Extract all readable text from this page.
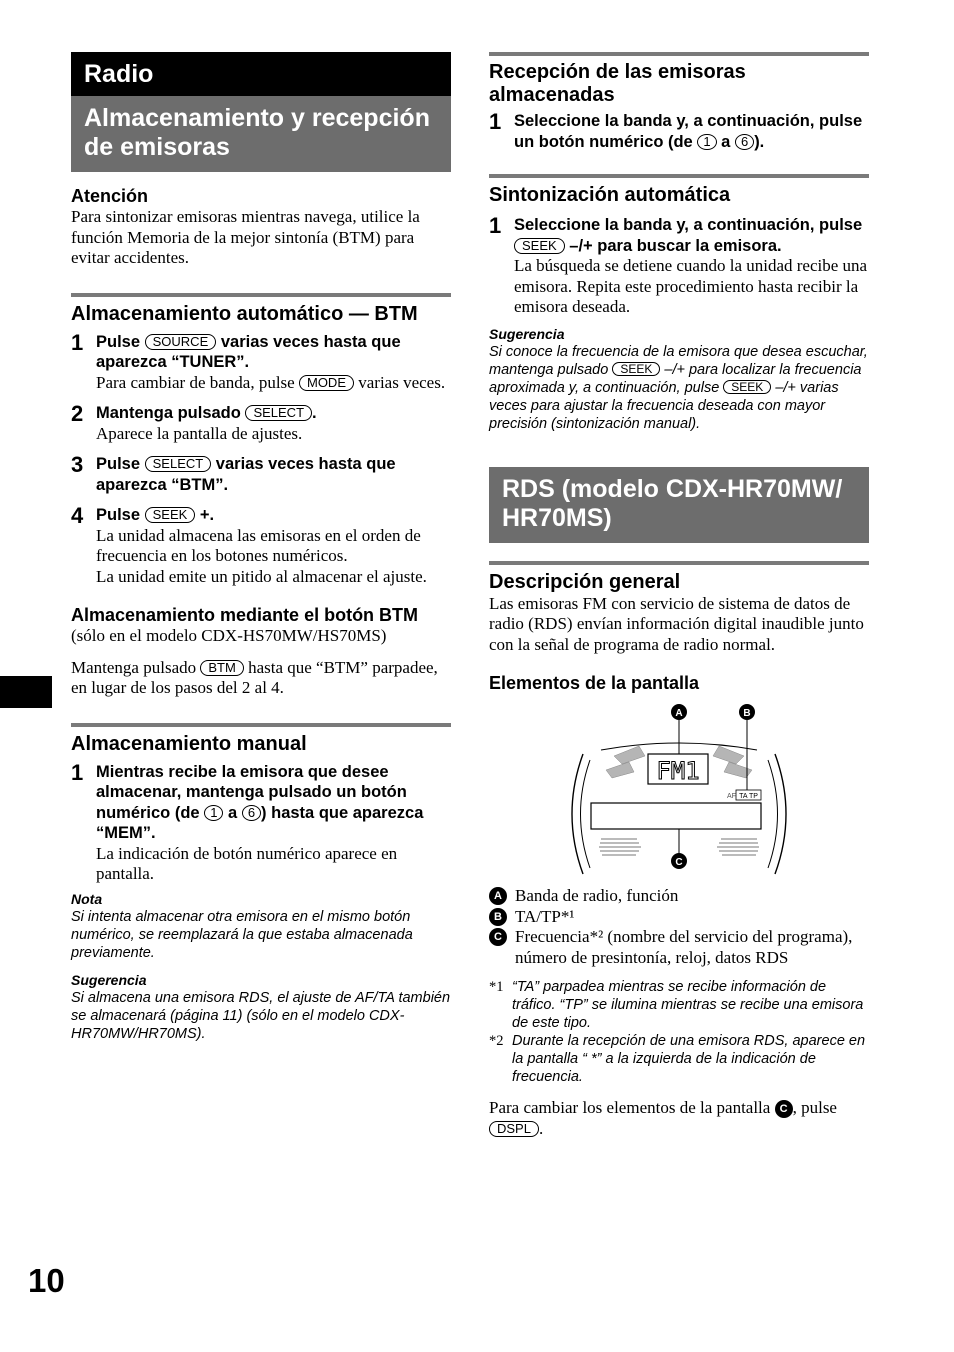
10
Radio
Almacenamiento y recepción de emisoras
Atención

Para sintonizar emisoras mientras navega, utilice la función Memoria de la mejor sintonía (BTM) para evitar accidentes.

Almacenamiento automático — BTM
1 Pulse SOURCE varias veces hasta que aparezca “TUNER”.

Para cambiar de banda, pulse MODE varias veces.

2 Mantenga pulsado SELECT .

Aparece la pantalla de ajustes.

3 Pulse SELECT varias veces hasta que aparezca “BTM”.
4 Pulse SEEK +.

La unidad almacena las emisoras en el orden de frecuencia en los botones numéricos.

La unidad emite un pitido al almacenar el ajuste.

Almacenamiento mediante el botón BTM

(sólo en el modelo CDX-HS70MW/HS70MS)

Mantenga pulsado BTM hasta que “BTM” parpadee, en lugar de los pasos del 2 al 4.

Almacenamiento manual
1 Mientras recibe la emisora que desee almacenar, mantenga pulsado un botón numérico (de 1 a 6 ) hasta que aparezca “MEM”.

La indicación de botón numérico aparece en pantalla.

Nota
Si intenta almacenar otra emisora en el mismo botón numérico, se reemplazará la que estaba almacenada previamente.
Sugerencia
Si almacena una emisora RDS, el ajuste de AF/TA también se almacenará (página 11) (sólo en el modelo CDX-HR70MW/HR70MS).
Recepción de las emisoras almacenadas
1 Seleccione la banda y, a continuación, pulse un botón numérico (de 1 a 6 ).
Sintonización automática
1 Seleccione la banda y, a continuación, pulse SEEK –/+ para buscar la emisora.

La búsqueda se detiene cuando la unidad recibe una emisora. Repita este procedimiento hasta recibir la emisora deseada.

Sugerencia
Si conoce la frecuencia de la emisora que desea escuchar, mantenga pulsado SEEK –/+ para localizar la frecuencia aproximada y, a continuación, pulse SEEK –/+ varias veces para ajustar la frecuencia deseada con mayor precisión (sintonización manual).
RDS (modelo CDX-HR70MW/ HR70MS)
Descripción general

Las emisoras FM con servicio de sistema de datos de radio (RDS) envían información digital inaudible junto con la señal de programa de radio normal.

Elementos de la pantalla
FM1
AF TA TP
A	B
C
A Banda de radio, función
B TA/TP*¹
C Frecuencia*² (nombre del servicio del programa), número de presintonía, reloj, datos RDS
*1 “TA” parpadea mientras se recibe información de tráfico. “TP” se ilumina mientras se recibe una emisora de este tipo.
*2 Durante la recepción de una emisora RDS, aparece en la pantalla “ *” a la izquierda de la indicación de frecuencia.

Para cambiar los elementos de la pantalla C , pulse DSPL .
